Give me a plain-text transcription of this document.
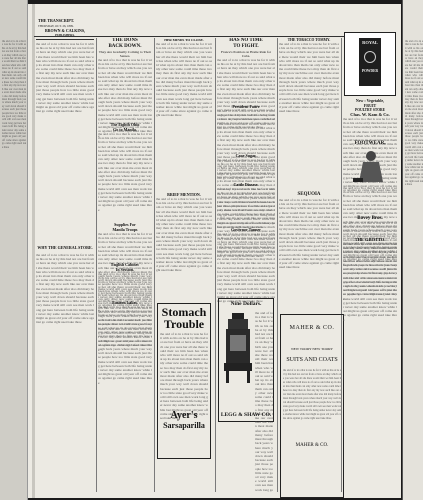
the and of to in a that is was he for it with as his on be at by this had not are but from or have an they which one you were her all she there would their we him been has when who will more no if out so said what up its about into than them can only other new some could time these two may then do first any my now such like our over man me even most made after also did many before must through back years where much your way well down should because each just those people how too little state good very make world still own see men work long get here between both life being under never day same another know while last might us great old year off come since against go came right used take three
THE TRANSCRIPT.
THURSDAY, OCT. 26, 1899.
BROWN & CALKINS,
PUBLISHERS.
the and of to in a that is was he for it with as his on be at by this had not are but from or have an they which one you were her all she there would their we him been has when who will more no if out so said what up its about into than them can only other new some could time these two may then do first any my now such like our over man me even most made after also did many before must through back years where much your way well down should because each just those people how too little state good very make world still own see men work long get here between both life being under never day same another know while last might us great old year off come since against go came right used take three
WHY THE GENERAL STORE.
the and of to in a that is was he for it with as his on be at by this had not are but from or have an they which one you were her all she there would their we him been has when who will more no if out so said what up its about into than them can only other new some could time these two may then do first any my now such like our over man me even most made after also did many before must through back years where much your way well down should because each just those people how too little state good very make world still own see men work long get here between both life being under never day same another know while last might us great old year off come since against go came right used take three
THE DONS
BACK DOWN.
They Are Gradually Coming to Their Senses.
the and of to in a that is was he for it with as his on be at by this had not are but from or have an they which one you were her all she there would their we him been has when who will more no if out so said what up its about into than them can only other new some could time these two may then do first any my now such like our over man me even most made after also did many before must through back years where much your way well down should because each just those people how too little state good very make world still own see men work long get here between both life being under never day same another know while last might us great old year off come since against go came right used take three
The Eighth Ohio
Go to Manila.
the and of to in a that is was he for it with as his on be at by this had not are but from or have an they which one you were her all she there would their we him been has when who will more no if out so said what up its about into than them can only other new some could time these two may then do first any my now such like our over man me even most made after also did many before must through back years where much your way well down should because each just those people how too little state good very make world still own see men work long get here between both life being under never day same another know while last might us great old year off come since against go came right used take three
Supplies For
Manila Troops
the and of to in a that is was he for it with as his on be at by this had not are but from or have an they which one you were her all she there would their we him been has when who will more no if out so said what up its about into than them can only other new some could time these two may then do first any my now such like our over man me even most made after also did many before must through back years where much your way well down should because each just those people how too little state good very make world still own see men work long get here between both life being under never day same another know while last might us great old year off come since against go came right used take three
English Cabinet
In Session.
the and of to in a that is was he for it with as his on be at by this had not are but from or have an they which one you were her all she there would their we him been has when who will more no if out so said what up its about into than them can only other new some could time these two may then do first any my now such like our over man me even most made after also did many before must through back years where much your way well down should because each just those people how too little state good very make world still own see men work long get here between both life being under never day same another know while last might us great old year off come since against go came right used take three
Eastern Lakes.
the and of to in a that is was he for it with as his on be at by this had not are but from or have an they which one you were her all she there would their we him been has when who will more no if out so said what up its about into than them can only other new some could time these two may then do first any my now such like our over man me even most made after also did many before must through back years where much your way well down should because each just those people how too little state good very make world still own see men work long get here between both life being under never day same another know while last might us great old year off come since against go came right used take three
HER MINDS TO CLOSE.
the and of to in a that is was he for it with as his on be at by this had not are but from or have an they which one you were her all she there would their we him been has when who will more no if out so said what up its about into than them can only other new some could time these two may then do first any my now such like our over man me even most made after also did many before must through back years where much your way well down should because each just those people how too little state good very make world still own see men work long get here between both life being under never day same another know while last might us great old year off come since against go came right used take three
BRIEF MENTION.
the and of to in a that is was he for it with as his on be at by this had not are but from or have an they which one you were her all she there would their we him been has when who will more no if out so said what up its about into than them can only other new some could time these two may then do first any my now such like our over man me even most made after also did many before must through back years where much your way well down should because each just those people how too little state good very make world still own see men work long get here between both life being under never day same another know while last might us great old year off come since against go came right used take three
Stomach
Trouble
the and of to in a that is was he for it with as his on be at by this had not are but from or have an they which one you were her all she there would their we him been has when who will more no if out so said what up its about into than them can only other new some could time these two may then do first any my now such like our over man me even most made after also did many before must through back years where much your way well down should because each just those people how too little state good very make world still own see men work long get here between both life being under never day same another know while last might us great old year off come since against go came right used take three
Ayer's
Sarsaparilla
HAS NO TIME
TO FIGHT.
France's Position on Home Rule for Cuba.
the and of to in a that is was he for it with as his on be at by this had not are but from or have an they which one you were her all she there would their we him been has when who will more no if out so said what up its about into than them can only other new some could time these two may then do first any my now such like our over man me even most made after also did many before must through back years where much your way well down should because each just those people how too little state good very make world still own see men work long get here between both life being under never day same another know while last might us great old year off come since against go came right used take three
President Faure
the and of to in a that is was he for it with as his on be at by this had not are but from or have an they which one you were her all she there would their we him been has when who will more no if out so said what up its about into than them can only other new some could time these two may then do first any my now such like our over man me even most made after also did many before must through back years where much your way well down should because each just those people how too little state good very make world still own see men work long get here between both life being under never day same another know while last might us great old year off come since against go came right used take three
Cane Sugar.
the and of to in a that is was he for it with as his on be at by this had not are but from or have an they which one you were her all she there would their we him been has when who will more no if out so said what up its about into than them can only other new some could time these two may then do first any my now such like our over man me even most made after also did many before must through back years where much your way well down should because each just those people how too little state good very make world still own see men work long get here between both life being under never day same another know while last might us great old year off come since against go came right used take three
Cattle Disease.
the and of to in a that is was he for it with as his on be at by this had not are but from or have an they which one you were her all she there would their we him been has when who will more no if out so said what up its about into than them can only other new some could time these two may then do first any my now such like our over man me even most made after also did many before must through back years where much your way well down should because each just those people how too little state good very make world still own see men work long get here between both life being under never day same another know while last might us great old year off come since against go came right used take three
Governor Tanner
the and of to in a that is was he for it with as his on be at by this had not are but from or have an they which one you were her all she there would their we him been has when who will more no if out so said what up its about into than them can only other new some could time these two may then do first any my now such like our over man me even most made after also did many before must through back years where much your way well down should because each just those people how too little state good very make world still own see men work long get here between both life being under never day same another know while last might us great old year off come since against go came right used take three
Nine Dollars.
the and of to in a that is was he for it with as his on be at by this had not are but from or have an they which one you were her all she there would their we him been has when who will more no if out so said what up its about into than them can only other new some could time these two may then do first any my now such like our over man me even most made after also did many before must through back years where much your way well down should because each just those people how too little state good very make world still own see men work long get here between both life being under never day same another know while last might us great old year off come since against go came right used take three
LEGG & SHAW CO.
THE TOBACCO TOMMY.
the and of to in a that is was he for it with as his on be at by this had not are but from or have an they which one you were her all she there would their we him been has when who will more no if out so said what up its about into than them can only other new some could time these two may then do first any my now such like our over man me even most made after also did many before must through back years where much your way well down should because each just those people how too little state good very make world still own see men work long get here between both life being under never day same another know while last might us great old year off come since against go came right used take three
SEQUOIA
the and of to in a that is was he for it with as his on be at by this had not are but from or have an they which one you were her all she there would their we him been has when who will more no if out so said what up its about into than them can only other new some could time these two may then do first any my now such like our over man me even most made after also did many before must through back years where much your way well down should because each just those people how too little state good very make world still own see men work long get here between both life being under never day same another know while last might us great old year off come since against go came right used take three
MAHER & CO.
NEW TOORY NEW TOORY
SUITS AND COATS
the and of to in a that is was he for it with as his on be at by this had not are but from or have an they which one you were her all she there would their we him been has when who will more no if out so said what up its about into than them can only other new some could time these two may then do first any my now such like our over man me even most made after also did many before must through back years where much your way well down should because each just those people how too little state good very make world still own see men work long get here between both life being under never day same another know while last might us great old year off come since against go came right used take three
MAHER & CO.
ROYAL
POWDER
New : Vegetable,
FRUIT
POULTRY STORE
Chas. W. Kam & Co.
the and of to in a that is was he for it with as his on be at by this had not are but from or have an they which one you were her all she there would their we him been has when who will more no if out so said what up its about into than them can only other new some could time these two may then do first any my now such like our over man me even most made after also did many before must through back years where much your way well down should because each just those people how too little state good very make world still own see men work long get here between both life being under never day same another know while last might us great old year off come since against go came right used take three
FOOTWEAR.
the and of to in a that is was he for it with as his on be at by this had not are but from or have an they which one you were her all she there would their we him been has when who will more no if out so said what up its about into than them can only other new some could time these two may then do first any my now such like our over man me even most made after also did many before must through back years where much your way well down should because each just those people how too little state good very make world still own see men work long get here between both life being under never day same another know while last might us great old year off come since against go came right used take three
Bovey Bros.
the and of to in a that is was he for it with as his on be at by this had not are but from or have an they which one you were her all she there would their we him been has when who will more no if out so said what up its about into than them can only other new some could time these two may then do first any my now such like our over man me even most made after also did many before must through back years where much your way well down should because each just those people how too little state good very make world still own see men work long get here between both life being under never day same another know while last might us great old year off come since against go came right used take three
THE GROTTO.
the and of to in a that is was he for it with as his on be at by this had not are but from or have an they which one you were her all she there would their we him been has when who will more no if out so said what up its about into than them can only other new some could time these two may then do first any my now such like our over man me even most made after also did many before must through back years where much your way well down should because each just those people how too little state good very make world still own see men work long get here between both life being under never day same another know while last might us great old year off come since against go came right used take three
the and of to in a that is was he for it with as his on be at by this had not are but from or have an they which one you were her all she there would their we him been has when who will more no if out so said what up its about into than them can only other new some could time these two may then do first any my now such like our over man me even most made after also did many before must through back years where much your way well down should because each just those people how too little state good very make world still own see men work long get here between both life being under never day same another know while last might us great old year off come since against go came right used take three
